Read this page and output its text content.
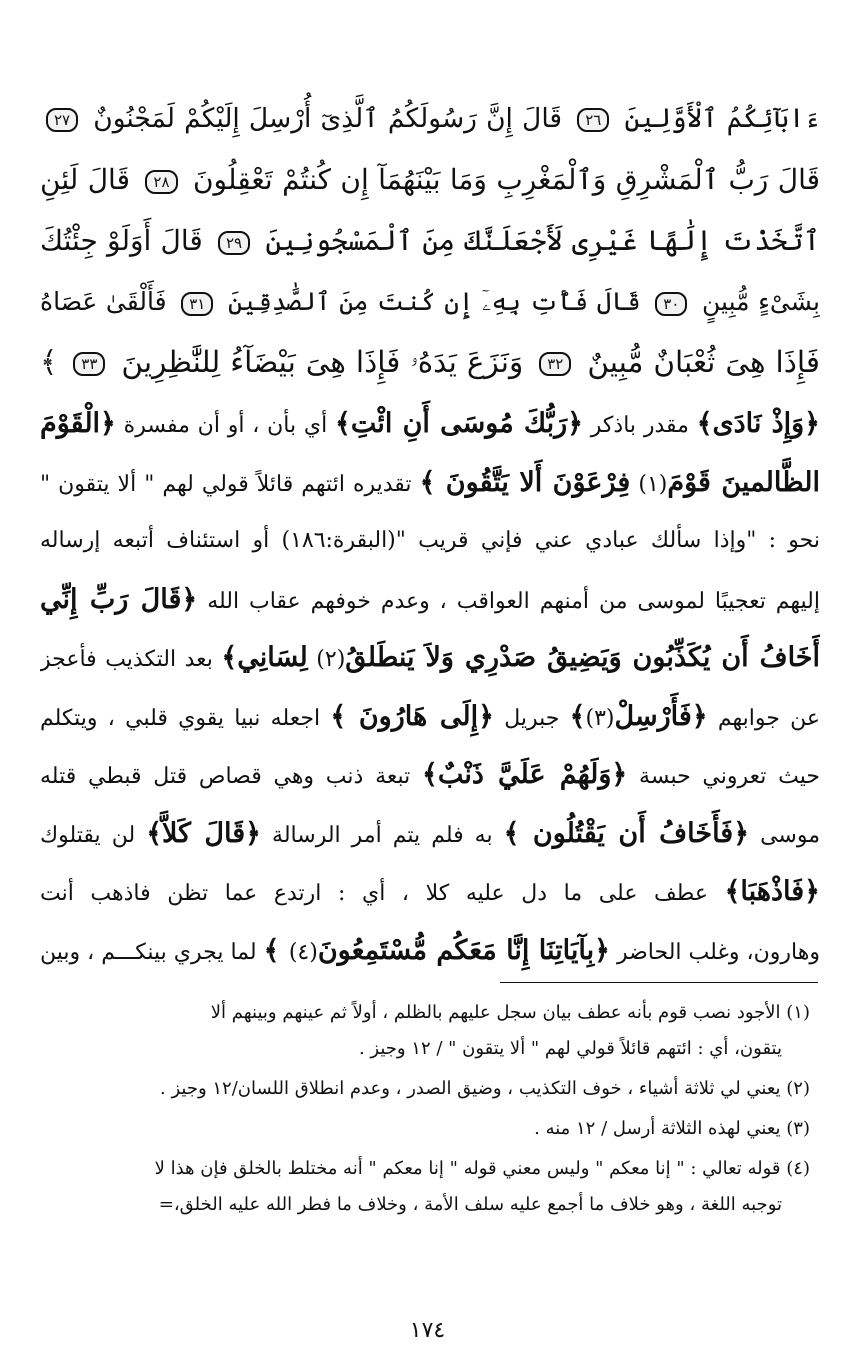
ءَابَآئِكُمُ ٱلْأَوَّلِينَ ٢٦ قَالَ إِنَّ رَسُولَكُمُ ٱلَّذِىٓ أُرْسِلَ إِلَيْكُمْ لَمَجْنُونٌ ٢٧
قَالَ رَبُّ ٱلْمَشْرِقِ وَٱلْمَغْرِبِ وَمَا بَيْنَهُمَآ إِن كُنتُمْ تَعْقِلُونَ ٢٨ قَالَ لَئِنِ
ٱتَّخَذْتَ إِلَٰهًا غَيْرِى لَأَجْعَلَنَّكَ مِنَ ٱلْمَسْجُونِينَ ٢٩ قَالَ أَوَلَوْ جِئْتُكَ
بِشَىْءٍ مُّبِينٍ ٣٠ قَالَ فَأْتِ بِهِۦٓ إِن كُنتَ مِنَ ٱلصَّٰدِقِينَ ٣١ فَأَلْقَىٰ عَصَاهُ
فَإِذَا هِىَ ثُعْبَانٌ مُّبِينٌ ٣٢ وَنَزَعَ يَدَهُۥ فَإِذَا هِىَ بَيْضَآءُ لِلنَّٰظِرِينَ ٣٣ ﴾
﴿وَإِذْ نَادَى﴾ مقدر باذكر ﴿رَبُّكَ مُوسَى أَنِ ائْتِ﴾ أي بأن ، أو أن مفسرة ﴿الْقَوْمَ
الظَّالمينَ قَوْمَ(١) فِرْعَوْنَ أَلا يَتَّقُونَ ﴾ تقديره ائتهم قائلاً قولي لهم " ألا يتقون "
نحو : "وإذا سألك عبادي عني فإني قريب "(البقرة:١٨٦) أو استئناف أتبعه إرساله
إليهم تعجيبًا لموسى من أمنهم العواقب ، وعدم خوفهم عقاب الله ﴿قَالَ رَبِّ إِنِّي
أَخَافُ أَن يُكَذِّبُون وَيَضِيقُ صَدْرِي وَلاَ يَنطَلقُ(٢) لِسَانِي﴾ بعد التكذيب فأعجز
عن جوابهم ﴿فَأَرْسِلْ(٣)﴾ جبريل ﴿إِلَى هَارُونَ ﴾ اجعله نبيا يقوي قلبي ، ويتكلم
حيث تعروني حبسة ﴿وَلَهُمْ عَلَيَّ ذَنْبٌ﴾ تبعة ذنب وهي قصاص قتل قبطي قتله
موسى ﴿فَأَخَافُ أَن يَقْتُلُون ﴾ به فلم يتم أمر الرسالة ﴿قَالَ كَلاَّ﴾ لن يقتلوك
﴿فَاذْهَبَا﴾ عطف على ما دل عليه كلا ، أي : ارتدع عما تظن فاذهب أنت
وهارون، وغلب الحاضر ﴿بِآيَاتِنَا إِنَّا مَعَكُم مُّسْتَمِعُونَ(٤) ﴾ لما يجري بينكـــم ، وبين
(١) الأجود نصب قوم بأنه عطف بيان سجل عليهم بالظلم ، أولاً ثم عينهم وبينهم ألا
يتقون، أي : ائتهم قائلاً قولي لهم " ألا يتقون " / ١٢ وجيز .
(٢) يعني لي ثلاثة أشياء ، خوف التكذيب ، وضيق الصدر ، وعدم انطلاق اللسان/١٢ وجيز .
(٣) يعني لهذه الثلاثة أرسل / ١٢ منه .
(٤) قوله تعالي : " إنا معكم " وليس معني قوله " إنا معكم " أنه مختلط بالخلق فإن هذا لا
توجبه اللغة ، وهو خلاف ما أجمع عليه سلف الأمة ، وخلاف ما فطر الله عليه الخلق،=
١٧٤
